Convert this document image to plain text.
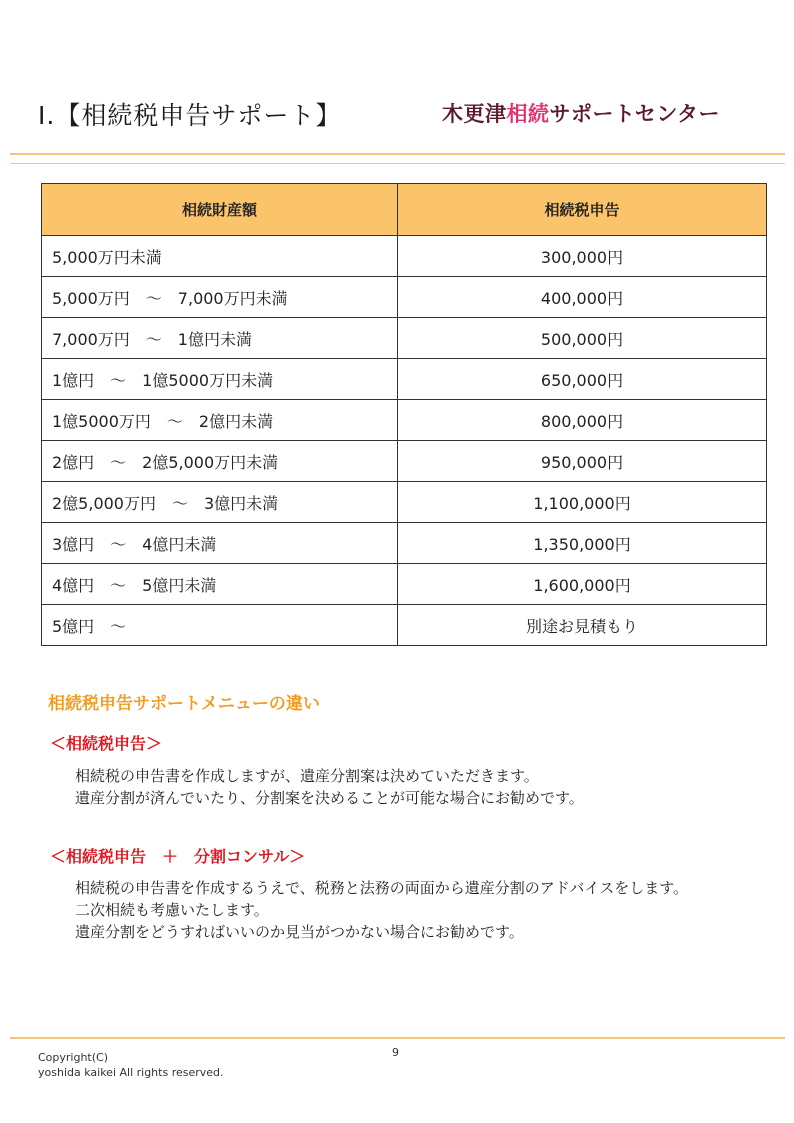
Ⅰ.【相続税申告サポート】	木更津相続サポートセンター
相続財産額	相続税申告
5,000万円未満	300,000円
5,000万円　～　7,000万円未満	400,000円
7,000万円　～　1億円未満	500,000円
1億円　～　1億5000万円未満	650,000円
1億5000万円　～　2億円未満	800,000円
2億円　～　2億5,000万円未満	950,000円
2億5,000万円　～　3億円未満	1,100,000円
3億円　～　4億円未満	1,350,000円
4億円　～　5億円未満	1,600,000円
5億円　～	別途お見積もり
相続税申告サポートメニューの違い
＜相続税申告＞
相続税の申告書を作成しますが、遺産分割案は決めていただきます。
遺産分割が済んでいたり、分割案を決めることが可能な場合にお勧めです。
＜相続税申告　＋　分割コンサル＞
相続税の申告書を作成するうえで、税務と法務の両面から遺産分割のアドバイスをします。
二次相続も考慮いたします。
遺産分割をどうすればいいのか見当がつかない場合にお勧めです。
Copyright(C)
yoshida kaikei All rights reserved.
9
